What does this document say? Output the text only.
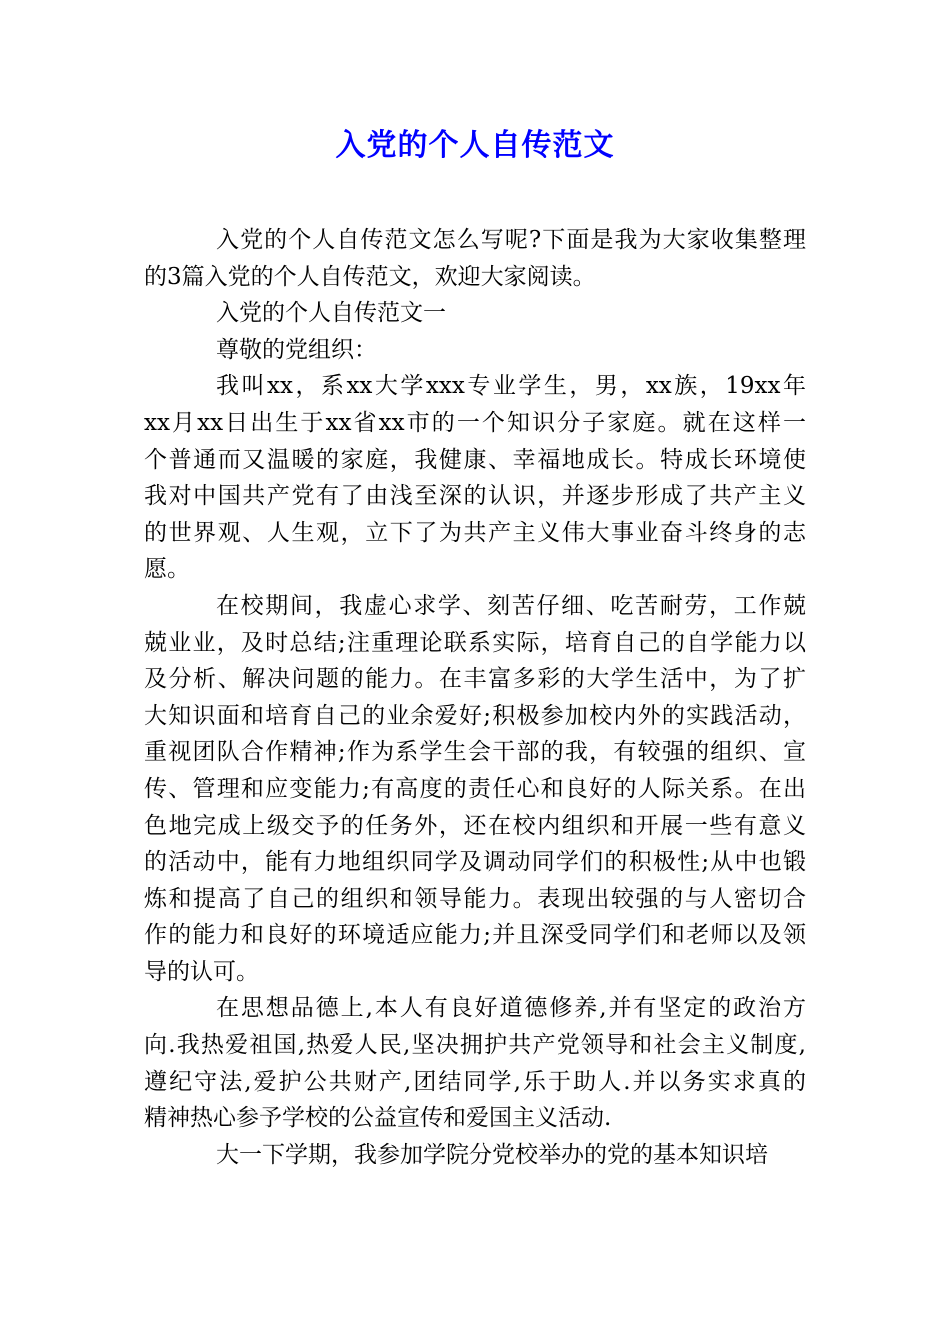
入党的个人自传范文
入党的个人自传范文怎么写呢?下面是我为大家收集整理
的3篇入党的个人自传范文，欢迎大家阅读。
入党的个人自传范文一
尊敬的党组织：
我叫xx，系xx大学xxx专业学生，男，xx族，19xx年
xx月xx日出生于xx省xx市的一个知识分子家庭。就在这样一
个普通而又温暖的家庭，我健康、幸福地成长。特成长环境使
我对中国共产党有了由浅至深的认识，并逐步形成了共产主义
的世界观、人生观，立下了为共产主义伟大事业奋斗终身的志
愿。
在校期间，我虚心求学、刻苦仔细、吃苦耐劳，工作兢
兢业业，及时总结;注重理论联系实际，培育自己的自学能力以
及分析、解决问题的能力。在丰富多彩的大学生活中，为了扩
大知识面和培育自己的业余爱好;积极参加校内外的实践活动，
重视团队合作精神;作为系学生会干部的我，有较强的组织、宣
传、管理和应变能力;有高度的责任心和良好的人际关系。在出
色地完成上级交予的任务外，还在校内组织和开展一些有意义
的活动中，能有力地组织同学及调动同学们的积极性;从中也锻
炼和提高了自己的组织和领导能力。表现出较强的与人密切合
作的能力和良好的环境适应能力;并且深受同学们和老师以及领
导的认可。
在思想品德上,本人有良好道德修养,并有坚定的政治方
向.我热爱祖国,热爱人民,坚决拥护共产党领导和社会主义制度,
遵纪守法,爱护公共财产,团结同学,乐于助人.并以务实求真的
精神热心参予学校的公益宣传和爱国主义活动.
大一下学期，我参加学院分党校举办的党的基本知识培
